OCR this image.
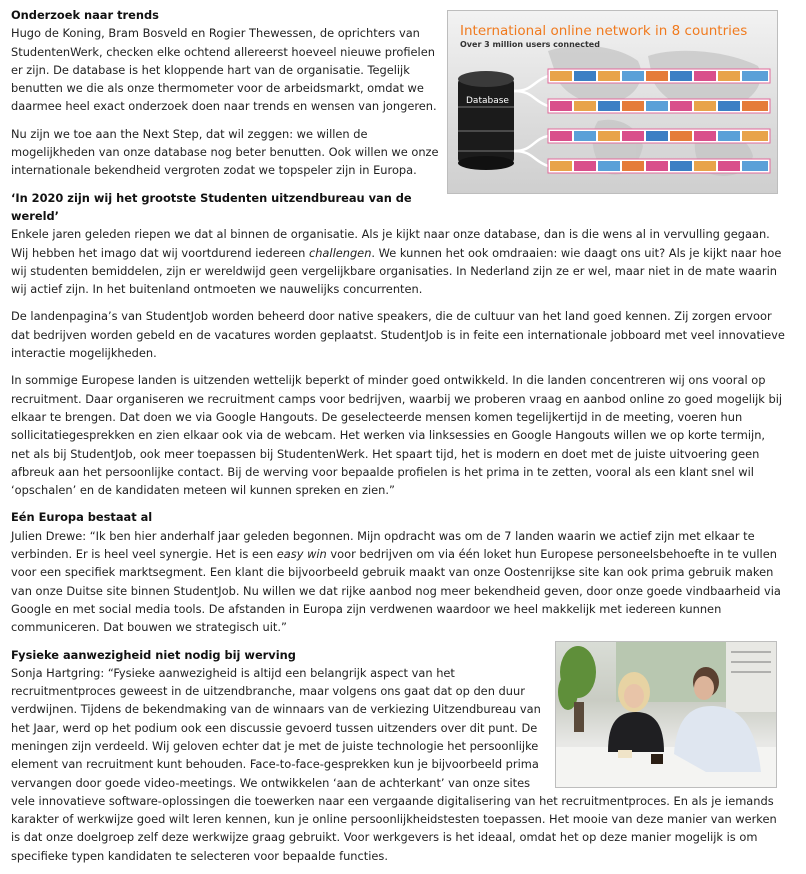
International online network in 8 countries
Over 3 million users connected
Database
Onderzoek naar trends

Hugo de Koning, Bram Bosveld en Rogier Thewessen, de oprichters van StudentenWerk, checken elke ochtend allereerst hoeveel nieuwe profielen er zijn. De database is het kloppende hart van de organisatie. Tegelijk benutten we die als onze thermometer voor de arbeidsmarkt, omdat we daarmee heel exact onderzoek doen naar trends en wensen van jongeren.

Nu zijn we toe aan the Next Step, dat wil zeggen: we willen de mogelijkheden van onze database nog beter benutten. Ook willen we onze internationale bekendheid vergroten zodat we topspeler zijn in Europa.

‘In 2020 zijn wij het grootste Studenten uitzendbureau van de wereld’

Enkele jaren geleden riepen we dat al binnen de organisatie. Als je kijkt naar onze database, dan is die wens al in vervulling gegaan. Wij hebben het imago dat wij voortdurend iedereen challengen. We kunnen het ook omdraaien: wie daagt ons uit? Als je kijkt naar hoe wij studenten bemiddelen, zijn er wereldwijd geen vergelijkbare organisaties. In Nederland zijn ze er wel, maar niet in de mate waarin wij actief zijn. In het buitenland ontmoeten we nauwelijks concurrenten.

De landenpagina’s van StudentJob worden beheerd door native speakers, die de cultuur van het land goed kennen. Zij zorgen ervoor dat bedrijven worden gebeld en de vacatures worden geplaatst. StudentJob is in feite een internationale jobboard met veel innovatieve interactie mogelijkheden.

In sommige Europese landen is uitzenden wettelijk beperkt of minder goed ontwikkeld. In die landen concentreren wij ons vooral op recruitment. Daar organiseren we recruitment camps voor bedrijven, waarbij we proberen vraag en aanbod online zo goed mogelijk bij elkaar te brengen. Dat doen we via Google Hangouts. De geselecteerde mensen komen tegelijkertijd in de meeting, voeren hun sollicitatiegesprekken en zien elkaar ook via de webcam. Het werken via linksessies en Google Hangouts willen we op korte termijn, net als bij StudentJob, ook meer toepassen bij StudentenWerk. Het spaart tijd, het is modern en doet met de juiste uitvoering geen afbreuk aan het persoonlijke contact. Bij de werving voor bepaalde profielen is het prima in te zetten, vooral als een klant snel wil ‘opschalen’ en de kandidaten meteen wil kunnen spreken en zien.”

Eén Europa bestaat al

Julien Drewe: “Ik ben hier anderhalf jaar geleden begonnen. Mijn opdracht was om de 7 landen waarin we actief zijn met elkaar te verbinden. Er is heel veel synergie. Het is een easy win voor bedrijven om via één loket hun Europese personeelsbehoefte in te vullen voor een specifiek marktsegment. Een klant die bijvoorbeeld gebruik maakt van onze Oostenrijkse site kan ook prima gebruik maken van onze Duitse site binnen StudentJob. Nu willen we dat rijke aanbod nog meer bekendheid geven, door onze goede vindbaarheid via Google en met social media tools. De afstanden in Europa zijn verdwenen waardoor we heel makkelijk met iedereen kunnen communiceren. Dat bouwen we strategisch uit.”

Fysieke aanwezigheid niet nodig bij werving

Sonja Hartgring: “Fysieke aanwezigheid is altijd een belangrijk aspect van het recruitmentproces geweest in de uitzendbranche, maar volgens ons gaat dat op den duur verdwijnen. Tijdens de bekendmaking van de winnaars van de verkiezing Uitzendbureau van het Jaar, werd op het podium ook een discussie gevoerd tussen uitzenders over dit punt. De meningen zijn verdeeld. Wij geloven echter dat je met de juiste technologie het persoonlijke element van recruitment kunt behouden. Face-to-face-gesprekken kun je bijvoorbeeld prima vervangen door goede video-meetings. We ontwikkelen ‘aan de achterkant’ van onze sites vele innovatieve software-oplossingen die toewerken naar een vergaande digitalisering van het recruitmentproces. En als je iemands karakter of werkwijze goed wilt leren kennen, kun je online persoonlijkheidstesten toepassen. Het mooie van deze manier van werken is dat onze doelgroep zelf deze werkwijze graag gebruikt. Voor werkgevers is het ideaal, omdat het op deze manier mogelijk is om specifieke typen kandidaten te selecteren voor bepaalde functies.
